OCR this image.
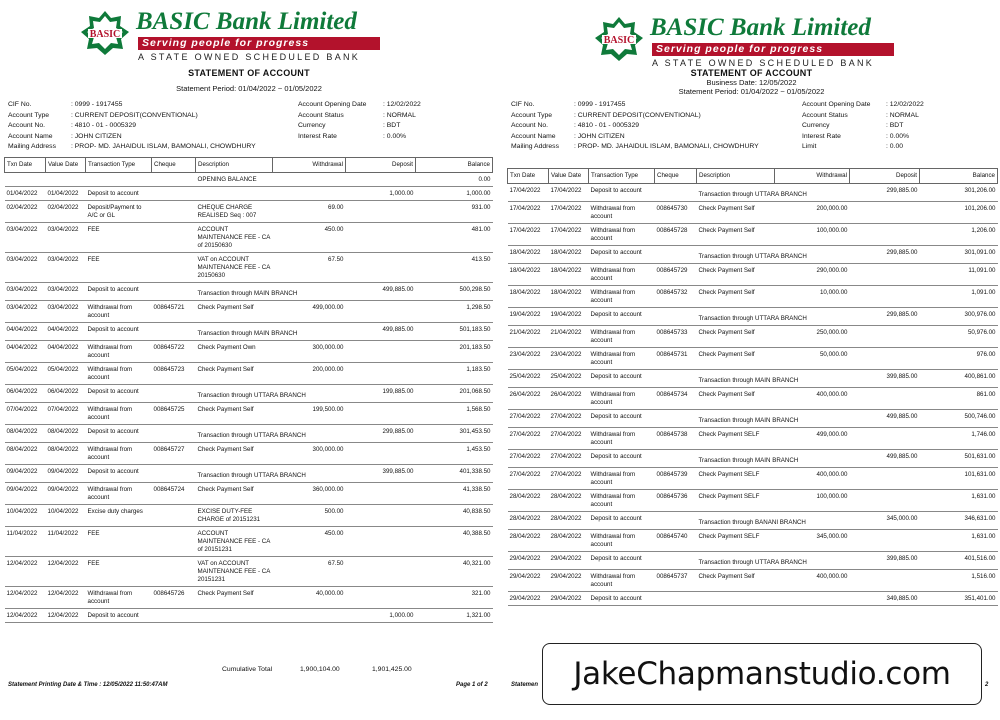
BASIC BASIC Bank Limited
Serving people for progress
A STATE OWNED SCHEDULED BANK
STATEMENT OF ACCOUNT
Statement Period: 01/04/2022 ~ 01/05/2022
CIF No.	: 0999 - 1917455	Account Opening Date : 12/02/2022
Account Type	: CURRENT DEPOSIT(CONVENTIONAL)	Account Status	: NORMAL
Account No.	: 4810 - 01 - 0005329	Currency	: BDT
Account Name	: JOHN CITIZEN	Interest Rate	: 0.00%
Mailing Address : PROP- MD. JAHAIDUL ISLAM, BAMONALI, CHOWDHURY
Txn Date	Value Date	Transaction Type	Cheque	Description	Withdrawal	Deposit	Balance
				OPENING BALANCE			0.00
01/04/2022	01/04/2022	Deposit to account				1,000.00	1,000.00
02/04/2022	02/04/2022	Deposit/Payment to A/C or GL		CHEQUE CHARGE REALISED Seq : 007	69.00		931.00
03/04/2022	03/04/2022	FEE		ACCOUNT MAINTENANCE FEE - CA of 20150630	450.00		481.00
03/04/2022	03/04/2022	FEE		VAT on ACCOUNT MAINTENANCE FEE - CA 20150630	67.50		413.50
03/04/2022	03/04/2022	Deposit to account		Transaction through MAIN BRANCH		499,885.00	500,298.50
03/04/2022	03/04/2022	Withdrawal from account	008645721	Check Payment Self	499,000.00		1,298.50
04/04/2022	04/04/2022	Deposit to account		Transaction through MAIN BRANCH		499,885.00	501,183.50
04/04/2022	04/04/2022	Withdrawal from account	008645722	Check Payment Own	300,000.00		201,183.50
05/04/2022	05/04/2022	Withdrawal from account	008645723	Check Payment Self	200,000.00		1,183.50
06/04/2022	06/04/2022	Deposit to account		Transaction through UTTARA BRANCH		199,885.00	201,068.50
07/04/2022	07/04/2022	Withdrawal from account	008645725	Check Payment Self	199,500.00		1,568.50
08/04/2022	08/04/2022	Deposit to account		Transaction through UTTARA BRANCH		299,885.00	301,453.50
08/04/2022	08/04/2022	Withdrawal from account	008645727	Check Payment Self	300,000.00		1,453.50
09/04/2022	09/04/2022	Deposit to account		Transaction through UTTARA BRANCH		399,885.00	401,338.50
09/04/2022	09/04/2022	Withdrawal from account	008645724	Check Payment Self	360,000.00		41,338.50
10/04/2022	10/04/2022	Excise duty charges		EXCISE DUTY-FEE CHARGE of 20151231	500.00		40,838.50
11/04/2022	11/04/2022	FEE		ACCOUNT MAINTENANCE FEE - CA of 20151231	450.00		40,388.50
12/04/2022	12/04/2022	FEE		VAT on ACCOUNT MAINTENANCE FEE - CA 20151231	67.50		40,321.00
12/04/2022	12/04/2022	Withdrawal from account	008645726	Check Payment Self	40,000.00		321.00
12/04/2022	12/04/2022	Deposit to account				1,000.00	1,321.00
Cumulative Total	1,900,104.00	1,901,425.00
Statement Printing Date & Time : 12/05/2022 11:50:47AM	Page 1 of 2
BASIC BASIC Bank Limited
Serving people for progress
A STATE OWNED SCHEDULED BANK
STATEMENT OF ACCOUNT
Business Date: 12/05/2022
Statement Period: 01/04/2022 ~ 01/05/2022
CIF No.	: 0999 - 1917455	Account Opening Date : 12/02/2022
Account Type	: CURRENT DEPOSIT(CONVENTIONAL)	Account Status	: NORMAL
Account No.	: 4810 - 01 - 0005329	Currency	: BDT
Account Name	: JOHN CITIZEN	Interest Rate	: 0.00%
Mailing Address : PROP- MD. JAHAIDUL ISLAM, BAMONALI, CHOWDHURY	Limit	: 0.00
Txn Date	Value Date	Transaction Type	Cheque	Description	Withdrawal	Deposit	Balance
17/04/2022	17/04/2022	Deposit to account		Transaction through UTTARA BRANCH		299,885.00	301,206.00
17/04/2022	17/04/2022	Withdrawal from account	008645730	Check Payment Self	200,000.00		101,206.00
17/04/2022	17/04/2022	Withdrawal from account	008645728	Check Payment Self	100,000.00		1,206.00
18/04/2022	18/04/2022	Deposit to account		Transaction through UTTARA BRANCH		299,885.00	301,091.00
18/04/2022	18/04/2022	Withdrawal from account	008645729	Check Payment Self	290,000.00		11,091.00
18/04/2022	18/04/2022	Withdrawal from account	008645732	Check Payment Self	10,000.00		1,091.00
19/04/2022	19/04/2022	Deposit to account		Transaction through UTTARA BRANCH		299,885.00	300,976.00
21/04/2022	21/04/2022	Withdrawal from account	008645733	Check Payment Self	250,000.00		50,976.00
23/04/2022	23/04/2022	Withdrawal from account	008645731	Check Payment Self	50,000.00		976.00
25/04/2022	25/04/2022	Deposit to account		Transaction through MAIN BRANCH		399,885.00	400,861.00
26/04/2022	26/04/2022	Withdrawal from account	008645734	Check Payment Self	400,000.00		861.00
27/04/2022	27/04/2022	Deposit to account		Transaction through MAIN BRANCH		499,885.00	500,746.00
27/04/2022	27/04/2022	Withdrawal from account	008645738	Check Payment SELF	499,000.00		1,746.00
27/04/2022	27/04/2022	Deposit to account		Transaction through MAIN BRANCH		499,885.00	501,631.00
27/04/2022	27/04/2022	Withdrawal from account	008645739	Check Payment SELF	400,000.00		101,631.00
28/04/2022	28/04/2022	Withdrawal from account	008645736	Check Payment SELF	100,000.00		1,631.00
28/04/2022	28/04/2022	Deposit to account		Transaction through BANANI BRANCH		345,000.00	346,631.00
28/04/2022	28/04/2022	Withdrawal from account	008645740	Check Payment SELF	345,000.00		1,631.00
29/04/2022	29/04/2022	Deposit to account		Transaction through UTTARA BRANCH		399,885.00	401,516.00
29/04/2022	29/04/2022	Withdrawal from account	008645737	Check Payment Self	400,000.00		1,516.00
29/04/2022	29/04/2022	Deposit to account				349,885.00	351,401.00
Statemen	2
JakeChapmanstudio.com
